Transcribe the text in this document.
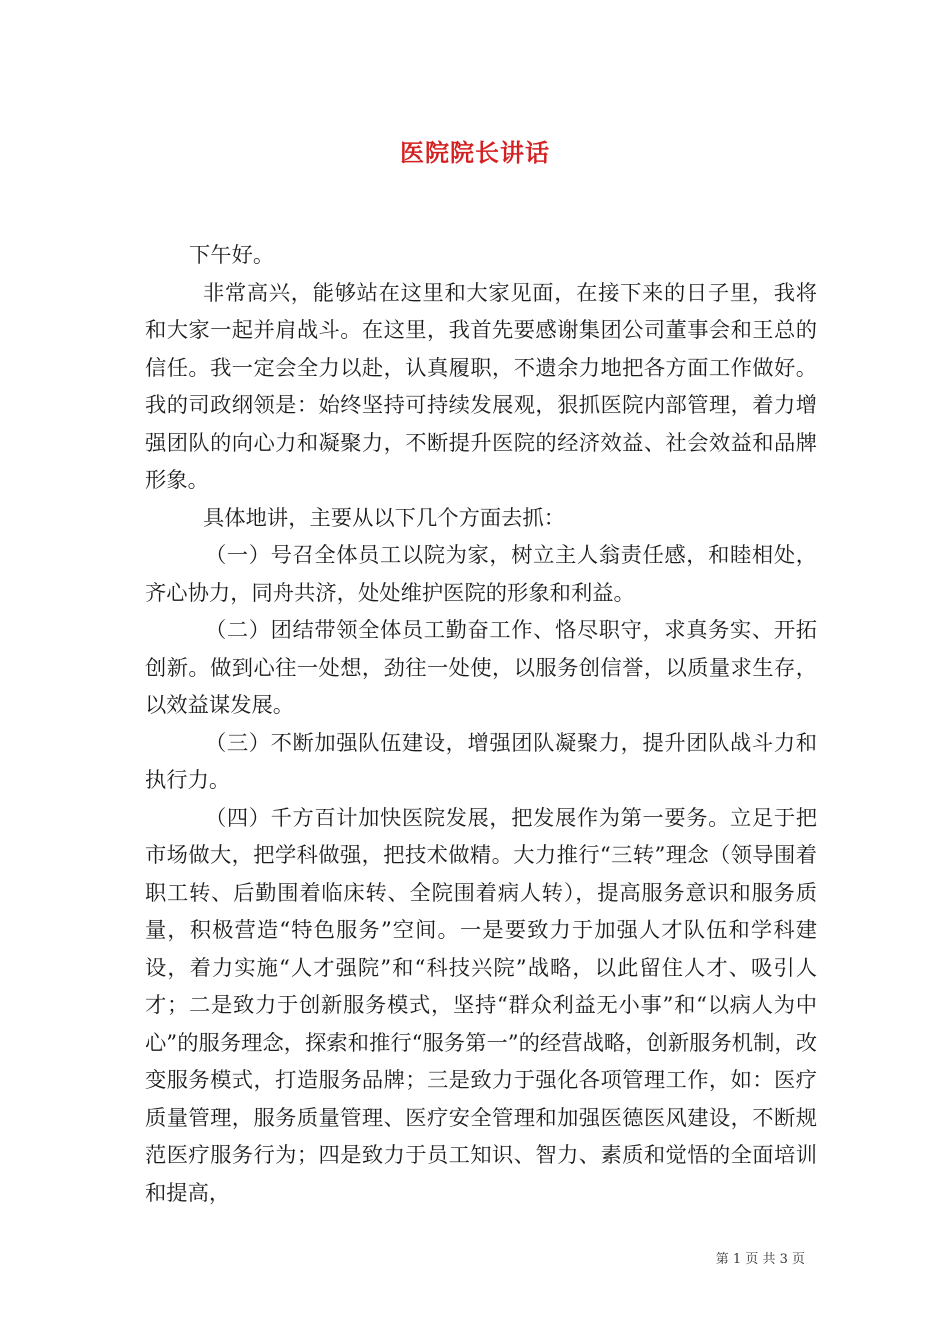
医院院长讲话

下午好。

非常高兴，能够站在这里和大家见面，在接下来的日子里，我将和大家一起并肩战斗。在这里，我首先要感谢集团公司董事会和王总的信任。我一定会全力以赴，认真履职，不遗余力地把各方面工作做好。我的司政纲领是：始终坚持可持续发展观，狠抓医院内部管理，着力增强团队的向心力和凝聚力，不断提升医院的经济效益、社会效益和品牌形象。

具体地讲，主要从以下几个方面去抓：

（一）号召全体员工以院为家，树立主人翁责任感，和睦相处，齐心协力，同舟共济，处处维护医院的形象和利益。

（二）团结带领全体员工勤奋工作、恪尽职守，求真务实、开拓创新。做到心往一处想，劲往一处使，以服务创信誉，以质量求生存，以效益谋发展。

（三）不断加强队伍建设，增强团队凝聚力，提升团队战斗力和执行力。

（四）千方百计加快医院发展，把发展作为第一要务。立足于把市场做大，把学科做强，把技术做精。大力推行“三转”理念（领导围着职工转、后勤围着临床转、全院围着病人转），提高服务意识和服务质量，积极营造“特色服务”空间。一是要致力于加强人才队伍和学科建设，着力实施“人才强院”和“科技兴院”战略，以此留住人才、吸引人才；二是致力于创新服务模式，坚持“群众利益无小事”和“以病人为中心”的服务理念，探索和推行“服务第一”的经营战略，创新服务机制，改变服务模式，打造服务品牌；三是致力于强化各项管理工作，如：医疗质量管理，服务质量管理、医疗安全管理和加强医德医风建设，不断规范医疗服务行为；四是致力于员工知识、智力、素质和觉悟的全面培训和提高，

第 1 页 共 3 页
